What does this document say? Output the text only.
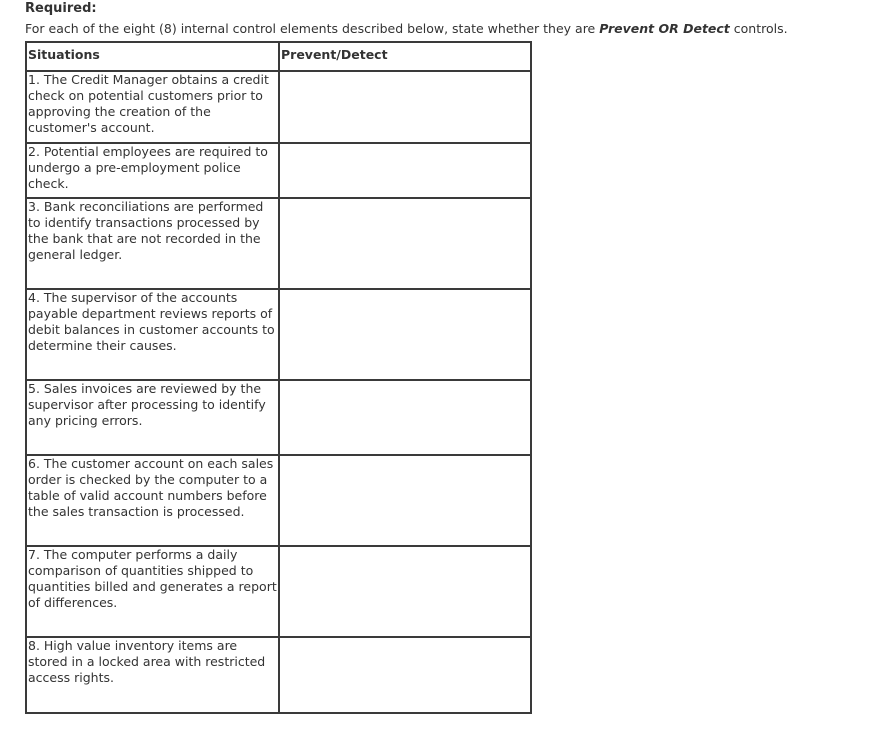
Required:
For each of the eight (8) internal control elements described below, state whether they are Prevent OR Detect controls.
Situations	Prevent/Detect
1. The Credit Manager obtains a credit check on potential customers prior to approving the creation of the customer's account.	
2. Potential employees are required to undergo a pre-employment police check.	
3. Bank reconciliations are performed to identify transactions processed by the bank that are not recorded in the general ledger.	
4. The supervisor of the accounts payable department reviews reports of debit balances in customer accounts to determine their causes.	
5. Sales invoices are reviewed by the supervisor after processing to identify any pricing errors.	
6. The customer account on each sales order is checked by the computer to a table of valid account numbers before the sales transaction is processed.	
7. The computer performs a daily comparison of quantities shipped to quantities billed and generates a report of differences.	
8. High value inventory items are stored in a locked area with restricted access rights.	
